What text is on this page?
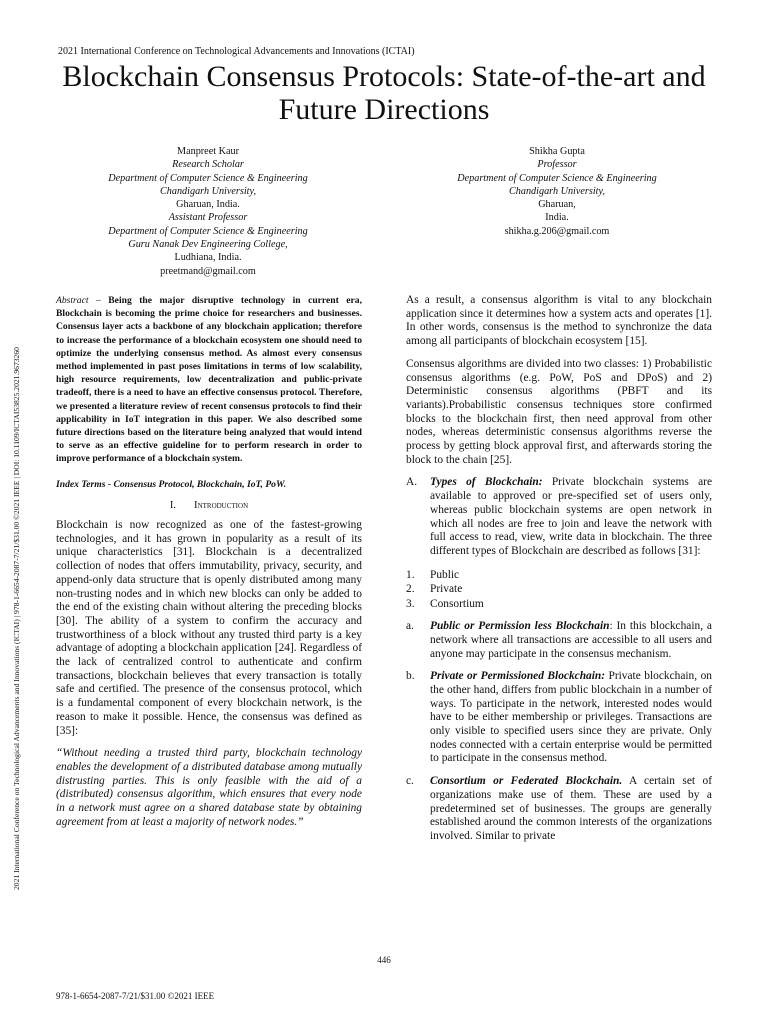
2021 International Conference on Technological Advancements and Innovations (ICTAI)
2021 International Conference on Technological Advancements and Innovations (ICTAI) | 978-1-6654-2087-7/21/$31.00 ©2021 IEEE | DOI: 10.1109/ICTAI53825.2021.9673260
Blockchain Consensus Protocols: State-of-the-art and Future Directions
Manpreet Kaur
Research Scholar
Department of Computer Science & Engineering
Chandigarh University,
Gharuan, India.
Assistant Professor
Department of Computer Science & Engineering
Guru Nanak Dev Engineering College,
Ludhiana, India.
preetmand@gmail.com
Shikha Gupta
Professor
Department of Computer Science & Engineering
Chandigarh University,
Gharuan,
India.
shikha.g.206@gmail.com

Abstract – Being the major disruptive technology in current era, Blockchain is becoming the prime choice for researchers and businesses. Consensus layer acts a backbone of any blockchain application; therefore to increase the performance of a blockchain ecosystem one should need to optimize the underlying consensus method. As almost every consensus method implemented in past poses limitations in terms of low scalability, high resource requirements, low decentralization and public-private tradeoff, there is a need to have an effective consensus protocol. Therefore, we presented a literature review of recent consensus protocols to find their applicability in IoT integration in this paper. We also described some future directions based on the literature being analyzed that would intend to serve as an effective guideline for to perform research in order to improve performance of a blockchain system.

Index Terms - Consensus Protocol, Blockchain, IoT, PoW.

I. Introduction

Blockchain is now recognized as one of the fastest-growing technologies, and it has grown in popularity as a result of its unique characteristics [31]. Blockchain is a decentralized collection of nodes that offers immutability, privacy, security, and append-only data structure that is openly distributed among many non-trusting nodes and in which new blocks can only be added to the end of the existing chain without altering the preceding blocks [30]. The ability of a system to confirm the accuracy and trustworthiness of a block without any trusted third party is a key advantage of adopting a blockchain application [24]. Regardless of the lack of centralized control to authenticate and confirm transactions, blockchain believes that every transaction is totally safe and certified. The presence of the consensus protocol, which is a fundamental component of every blockchain network, is the reason to make it possible. Hence, the consensus was defined as [35]:

“Without needing a trusted third party, blockchain technology enables the development of a distributed database among mutually distrusting parties. This is only feasible with the aid of a (distributed) consensus algorithm, which ensures that every node in a network must agree on a shared database state by obtaining agreement from at least a majority of network nodes.”

As a result, a consensus algorithm is vital to any blockchain application since it determines how a system acts and operates [1]. In other words, consensus is the method to synchronize the data among all participants of blockchain ecosystem [15].

Consensus algorithms are divided into two classes: 1) Probabilistic consensus algorithms (e.g. PoW, PoS and DPoS) and 2) Deterministic consensus algorithms (PBFT and its variants).Probabilistic consensus techniques store confirmed blocks to the blockchain first, then need approval from other nodes, whereas deterministic consensus algorithms reverse the process by getting block approval first, and afterwards storing the block to the chain [25].

A.	Types of Blockchain: Private blockchain systems are available to approved or pre-specified set of users only, whereas public blockchain systems are open network in which all nodes are free to join and leave the network with full access to read, view, write data in blockchain. The three different types of Blockchain are described as follows [31]:
1.	Public
2.	Private
3.	Consortium
a.	Public or Permission less Blockchain: In this blockchain, a network where all transactions are accessible to all users and anyone may participate in the consensus mechanism.
b.	Private or Permissioned Blockchain: Private blockchain, on the other hand, differs from public blockchain in a number of ways. To participate in the network, interested nodes would have to be either membership or privileges. Transactions are only visible to specified users since they are private. Only nodes connected with a certain enterprise would be permitted to participate in the consensus method.
c.	Consortium or Federated Blockchain. A certain set of organizations make use of them. These are used by a predetermined set of businesses. The groups are generally established around the common interests of the organizations involved. Similar to private
446
978-1-6654-2087-7/21/$31.00 ©2021 IEEE
